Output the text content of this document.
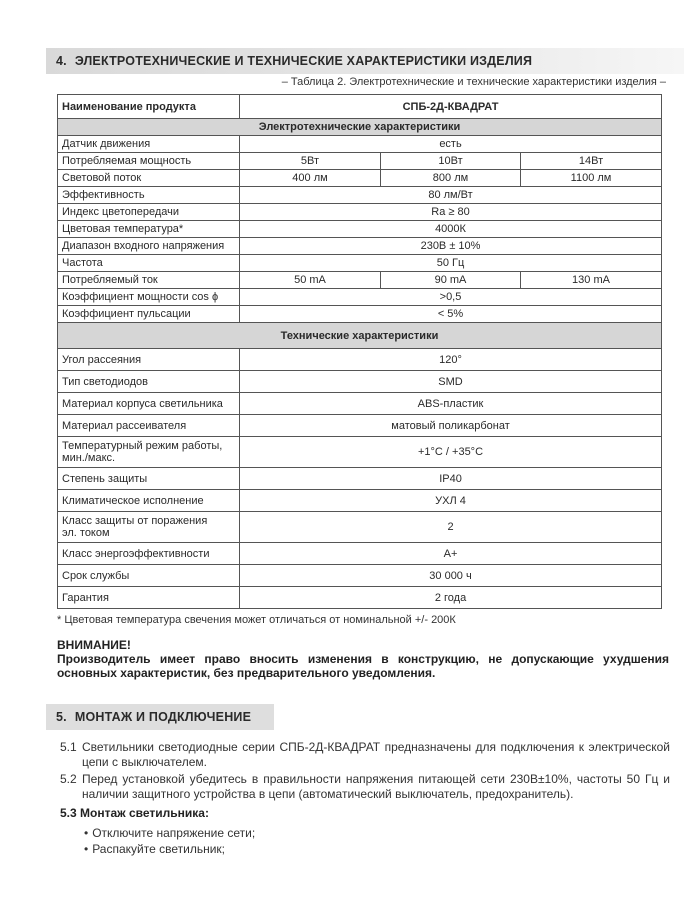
4. ЭЛЕКТРОТЕХНИЧЕСКИЕ И ТЕХНИЧЕСКИЕ ХАРАКТЕРИСТИКИ ИЗДЕЛИЯ
– Таблица 2. Электротехнические и технические характеристики изделия –
Наименование продукта	СПБ-2Д-КВАДРАТ		
Электротехнические характеристики			
Датчик движения	есть		
Потребляемая мощность	5Вт	10Вт	14Вт
Световой поток	400 лм	800 лм	1100 лм
Эффективность	80 лм/Вт		
Индекс цветопередачи	Ra ≥ 80		
Цветовая температура*	4000К		
Диапазон входного напряжения	230В ± 10%		
Частота	50 Гц		
Потребляемый ток	50 mA	90 mA	130 mA
Коэффициент мощности cos ϕ	>0,5		
Коэффициент пульсации	< 5%		
Технические характеристики			
Угол рассеяния	120°		
Тип светодиодов	SMD		
Материал корпуса светильника	ABS-пластик		
Материал рассеивателя	матовый поликарбонат		
Температурный режим работы,
мин./макс.	+1°С / +35°С		
Степень защиты	IP40		
Климатическое исполнение	УХЛ 4		
Класс защиты от поражения
эл. током	2		
Класс энергоэффективности	А+		
Срок службы	30 000 ч		
Гарантия	2 года		
* Цветовая температура свечения может отличаться от номинальной +/- 200К
ВНИМАНИЕ!
Производитель имеет право вносить изменения в конструкцию, не допускающие ухудшения основных характеристик, без предварительного уведомления.
5. МОНТАЖ И ПОДКЛЮЧЕНИЕ
5.1 Светильники светодиодные серии СПБ-2Д-КВАДРАТ предназначены для подключения к электрической цепи с выключателем.
5.2 Перед установкой убедитесь в правильности напряжения питающей сети 230В±10%, частоты 50 Гц и наличии защитного устройства в цепи (автоматический выключатель, предохранитель).
5.3 Монтаж светильника:
• Отключите напряжение сети;
• Распакуйте светильник;
